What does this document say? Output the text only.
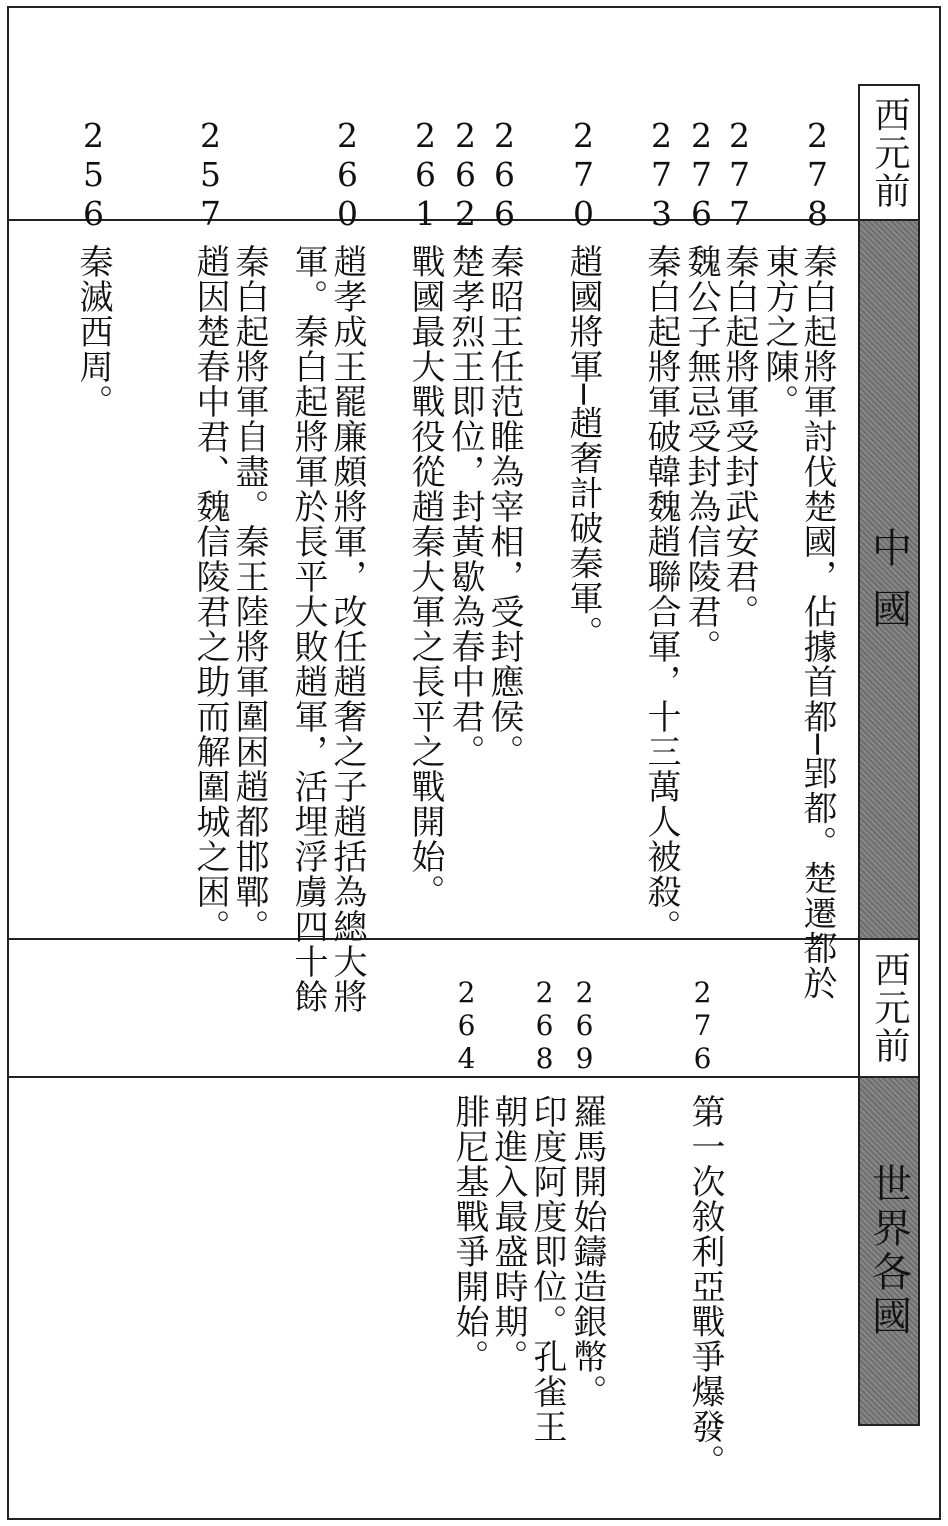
西元前
中 國
西元前
世界各國
278
277
276
273
270
266
262
261
260
257
256
秦白起將軍討伐楚國，佔據首都─郢都。楚遷都於
東方之陳。
秦白起將軍受封武安君。
魏公子無忌受封為信陵君。
秦白起將軍破韓魏趙聯合軍，十三萬人被殺。
趙國將軍─趙奢計破秦軍。
秦昭王任范睢為宰相，受封應侯。
楚孝烈王即位，封黃歇為春中君。
戰國最大戰役從趙秦大軍之長平之戰開始。
趙孝成王罷廉頗將軍，改任趙奢之子趙括為總大將
軍。秦白起將軍於長平大敗趙軍，活埋浮虜四十餘
秦白起將軍自盡。秦王陸將軍圍困趙都邯鄲。
趙因楚春中君、魏信陵君之助而解圍城之困。
秦滅西周。
276
269
268
264
第一次敘利亞戰爭爆發。
羅馬開始鑄造銀幣。
印度阿度即位。孔雀王
朝進入最盛時期。
腓尼基戰爭開始。
